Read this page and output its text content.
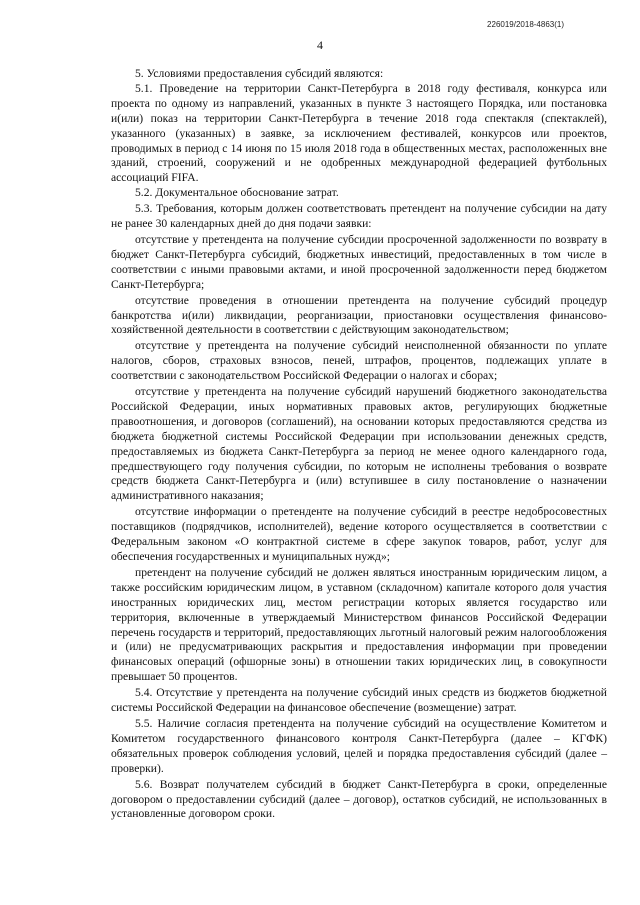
226019/2018-4863(1)
4

5. Условиями предоставления субсидий являются:

5.1. Проведение на территории Санкт-Петербурга в 2018 году фестиваля, конкурса или проекта по одному из направлений, указанных в пункте 3 настоящего Порядка, или постановка и(или) показ на территории Санкт-Петербурга в течение 2018 года спектакля (спектаклей), указанного (указанных) в заявке, за исключением фестивалей, конкурсов или проектов, проводимых в период с 14 июня по 15 июля 2018 года в общественных местах, расположенных вне зданий, строений, сооружений и не одобренных международной федерацией футбольных ассоциаций FIFA.

5.2. Документальное обоснование затрат.

5.3. Требования, которым должен соответствовать претендент на получение субсидии на дату не ранее 30 календарных дней до дня подачи заявки:

отсутствие у претендента на получение субсидии просроченной задолженности по возврату в бюджет Санкт-Петербурга субсидий, бюджетных инвестиций, предоставленных в том числе в соответствии с иными правовыми актами, и иной просроченной задолженности перед бюджетом Санкт-Петербурга;

отсутствие проведения в отношении претендента на получение субсидий процедур банкротства и(или) ликвидации, реорганизации, приостановки осуществления финансово-хозяйственной деятельности в соответствии с действующим законодательством;

отсутствие у претендента на получение субсидий неисполненной обязанности по уплате налогов, сборов, страховых взносов, пеней, штрафов, процентов, подлежащих уплате в соответствии с законодательством Российской Федерации о налогах и сборах;

отсутствие у претендента на получение субсидий нарушений бюджетного законодательства Российской Федерации, иных нормативных правовых актов, регулирующих бюджетные правоотношения, и договоров (соглашений), на основании которых предоставляются средства из бюджета бюджетной системы Российской Федерации при использовании денежных средств, предоставляемых из бюджета Санкт-Петербурга за период не менее одного календарного года, предшествующего году получения субсидии, по которым не исполнены требования о возврате средств бюджета Санкт-Петербурга и (или) вступившее в силу постановление о назначении административного наказания;

отсутствие информации о претенденте на получение субсидий в реестре недобросовестных поставщиков (подрядчиков, исполнителей), ведение которого осуществляется в соответствии с Федеральным законом «О контрактной системе в сфере закупок товаров, работ, услуг для обеспечения государственных и муниципальных нужд»;

претендент на получение субсидий не должен являться иностранным юридическим лицом, а также российским юридическим лицом, в уставном (складочном) капитале которого доля участия иностранных юридических лиц, местом регистрации которых является государство или территория, включенные в утверждаемый Министерством финансов Российской Федерации перечень государств и территорий, предоставляющих льготный налоговый режим налогообложения и (или) не предусматривающих раскрытия и предоставления информации при проведении финансовых операций (офшорные зоны) в отношении таких юридических лиц, в совокупности превышает 50 процентов.

5.4. Отсутствие у претендента на получение субсидий иных средств из бюджетов бюджетной системы Российской Федерации на финансовое обеспечение (возмещение) затрат.

5.5. Наличие согласия претендента на получение субсидий на осуществление Комитетом и Комитетом государственного финансового контроля Санкт-Петербурга (далее – КГФК) обязательных проверок соблюдения условий, целей и порядка предоставления субсидий (далее – проверки).

5.6. Возврат получателем субсидий в бюджет Санкт-Петербурга в сроки, определенные договором о предоставлении субсидий (далее – договор), остатков субсидий, не использованных в установленные договором сроки.
